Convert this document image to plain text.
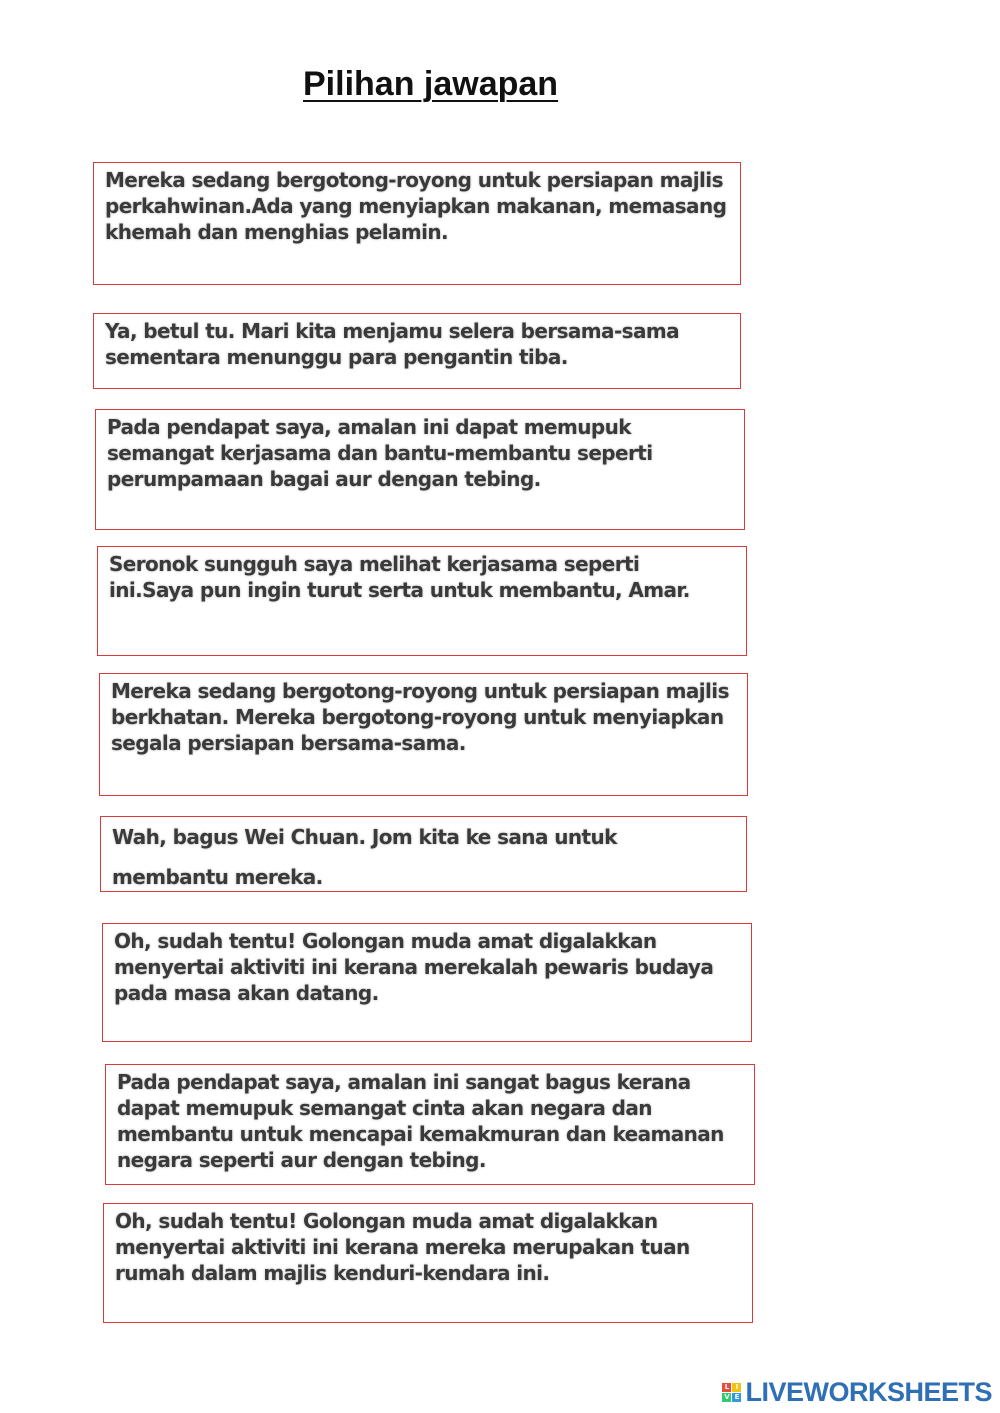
Pilihan jawapan
Mereka sedang bergotong-royong untuk persiapan majlis
perkahwinan.Ada yang menyiapkan makanan, memasang
khemah dan menghias pelamin.
Ya, betul tu. Mari kita menjamu selera bersama-sama
sementara menunggu para pengantin tiba.
Pada pendapat saya, amalan ini dapat memupuk
semangat kerjasama dan bantu-membantu seperti
perumpamaan bagai aur dengan tebing.
Seronok sungguh saya melihat kerjasama seperti
ini.Saya pun ingin turut serta untuk membantu, Amar.
Mereka sedang bergotong-royong untuk persiapan majlis
berkhatan. Mereka bergotong-royong untuk menyiapkan
segala persiapan bersama-sama.
Wah, bagus Wei Chuan. Jom kita ke sana untuk
membantu mereka.
Oh, sudah tentu! Golongan muda amat digalakkan
menyertai aktiviti ini kerana merekalah pewaris budaya
pada masa akan datang.
Pada pendapat saya, amalan ini sangat bagus kerana
dapat memupuk semangat cinta akan negara dan
membantu untuk mencapai kemakmuran dan keamanan
negara seperti aur dengan tebing.
Oh, sudah tentu! Golongan muda amat digalakkan
menyertai aktiviti ini kerana mereka merupakan tuan
rumah dalam majlis kenduri-kendara ini.
L I
V E LIVEWORKSHEETS
